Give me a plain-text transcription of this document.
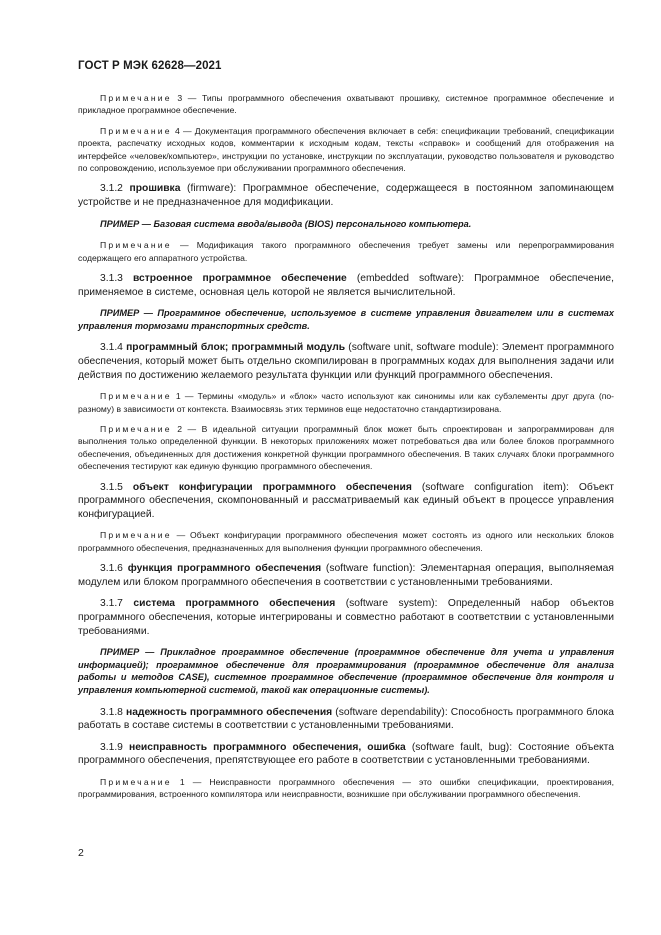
ГОСТ Р МЭК 62628—2021

Примечание 3 — Типы программного обеспечения охватывают прошивку, системное программное обеспечение и прикладное программное обеспечение.

Примечание 4 — Документация программного обеспечения включает в себя: спецификации требований, спецификации проекта, распечатку исходных кодов, комментарии к исходным кодам, тексты «справок» и сообщений для отображения на интерфейсе «человек/компьютер», инструкции по установке, инструкции по эксплуатации, руководство пользователя и руководство по сопровождению, используемое при обслуживании программного обеспечения.

3.1.2 прошивка (firmware): Программное обеспечение, содержащееся в постоянном запоминающем устройстве и не предназначенное для модификации.

ПРИМЕР — Базовая система ввода/вывода (BIOS) персонального компьютера.

Примечание — Модификация такого программного обеспечения требует замены или перепрограммирования содержащего его аппаратного устройства.

3.1.3 встроенное программное обеспечение (embedded software): Программное обеспечение, применяемое в системе, основная цель которой не является вычислительной.

ПРИМЕР — Программное обеспечение, используемое в системе управления двигателем или в системах управления тормозами транспортных средств.

3.1.4 программный блок; программный модуль (software unit, software module): Элемент программного обеспечения, который может быть отдельно скомпилирован в программных кодах для выполнения задачи или действия по достижению желаемого результата функции или функций программного обеспечения.

Примечание 1 — Термины «модуль» и «блок» часто используют как синонимы или как субэлементы друг друга (по-разному) в зависимости от контекста. Взаимосвязь этих терминов еще недостаточно стандартизирована.

Примечание 2 — В идеальной ситуации программный блок может быть спроектирован и запрограммирован для выполнения только определенной функции. В некоторых приложениях может потребоваться два или более блоков программного обеспечения, объединенных для достижения конкретной функции программного обеспечения. В таких случаях блоки программного обеспечения тестируют как единую функцию программного обеспечения.

3.1.5 объект конфигурации программного обеспечения (software configuration item): Объект программного обеспечения, скомпонованный и рассматриваемый как единый объект в процессе управления конфигурацией.

Примечание — Объект конфигурации программного обеспечения может состоять из одного или нескольких блоков программного обеспечения, предназначенных для выполнения функции программного обеспечения.

3.1.6 функция программного обеспечения (software function): Элементарная операция, выполняемая модулем или блоком программного обеспечения в соответствии с установленными требованиями.

3.1.7 система программного обеспечения (software system): Определенный набор объектов программного обеспечения, которые интегрированы и совместно работают в соответствии с установленными требованиями.

ПРИМЕР — Прикладное программное обеспечение (программное обеспечение для учета и управления информацией); программное обеспечение для программирования (программное обеспечение для анализа работы и методов CASE), системное программное обеспечение (программное обеспечение для контроля и управления компьютерной системой, такой как операционные системы).

3.1.8 надежность программного обеспечения (software dependability): Способность программного блока работать в составе системы в соответствии с установленными требованиями.

3.1.9 неисправность программного обеспечения, ошибка (software fault, bug): Состояние объекта программного обеспечения, препятствующее его работе в соответствии с установленными требованиями.

Примечание 1 — Неисправности программного обеспечения — это ошибки спецификации, проектирования, программирования, встроенного компилятора или неисправности, возникшие при обслуживании программного обеспечения.

2
